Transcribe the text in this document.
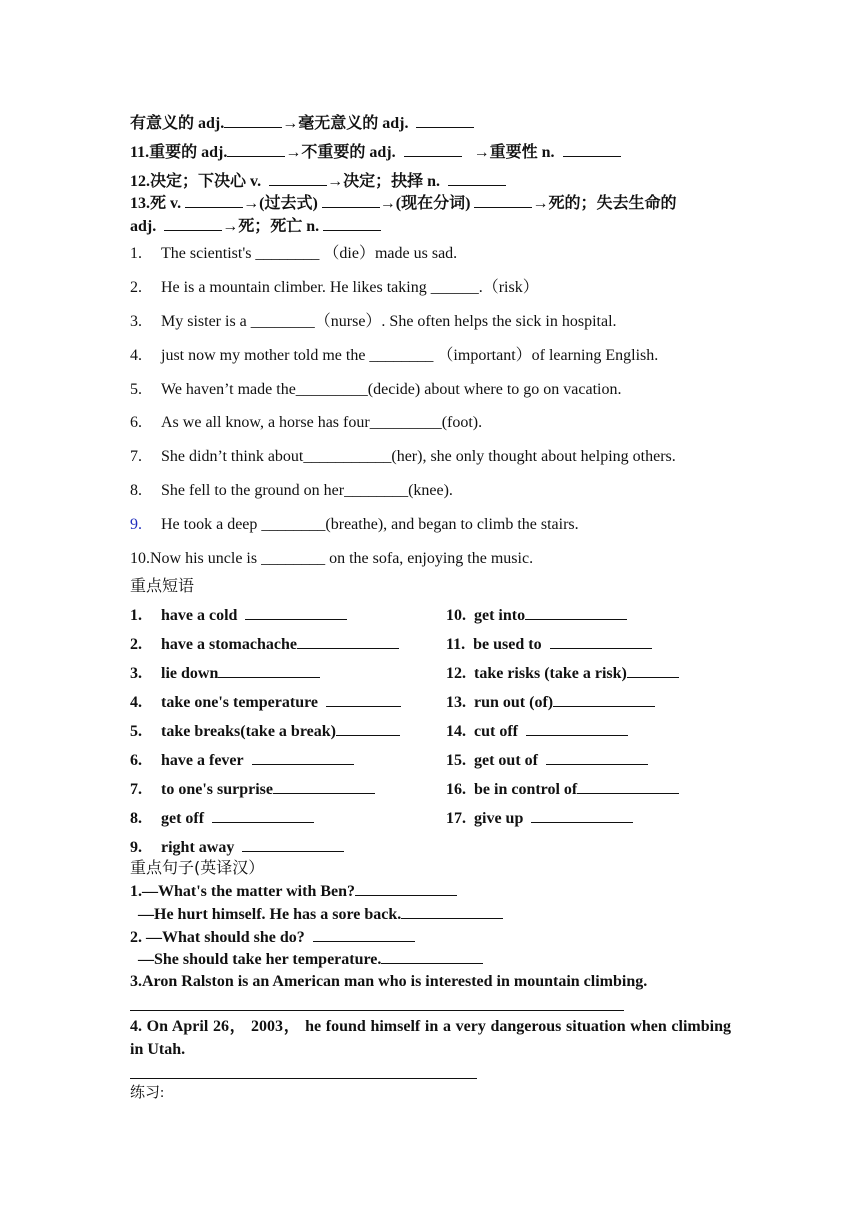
有意义的 adj.	→毫无意义的 adj.
11.重要的 adj.	→不重要的 adj.	→重要性 n.
12.决定；下决心 v.	→决定；抉择 n.
13.死 v.	→(过去式)	→(现在分词)	→死的；失去生命的
adj.	→死；死亡 n.
1. The scientist's ________ （die）made us sad.
2. He is a mountain climber. He likes taking ______.（risk）
3. My sister is a ________（nurse）. She often helps the sick in hospital.
4. just now my mother told me the ________ （important）of learning English.
5. We haven’t made the_________(decide) about where to go on vacation.
6. As we all know, a horse has four_________(foot).
7. She didn’t think about___________(her), she only thought about helping others.
8. She fell to the ground on her________(knee).
9. He took a deep ________(breathe), and began to climb the stairs.
10.Now his uncle is ________ on the sofa, enjoying the music.
重点短语
1. have a cold
2. have a stomachache
3. lie down
4. take one's temperature
5. take breaks(take a break)
6. have a fever
7. to one's surprise
8. get off
9. right away
10. get into
11. be used to
12. take risks (take a risk)
13. run out (of)
14. cut off
15. get out of
16. be in control of
17. give up
重点句子(英译汉）
1.—What's the matter with Ben?
—He hurt himself. He has a sore back.
2. —What should she do?
—She should take her temperature.
3.Aron Ralston is an American man who is interested in mountain climbing.
4. On April 26， 2003， he found himself in a very dangerous situation when climbing in Utah.
练习:
